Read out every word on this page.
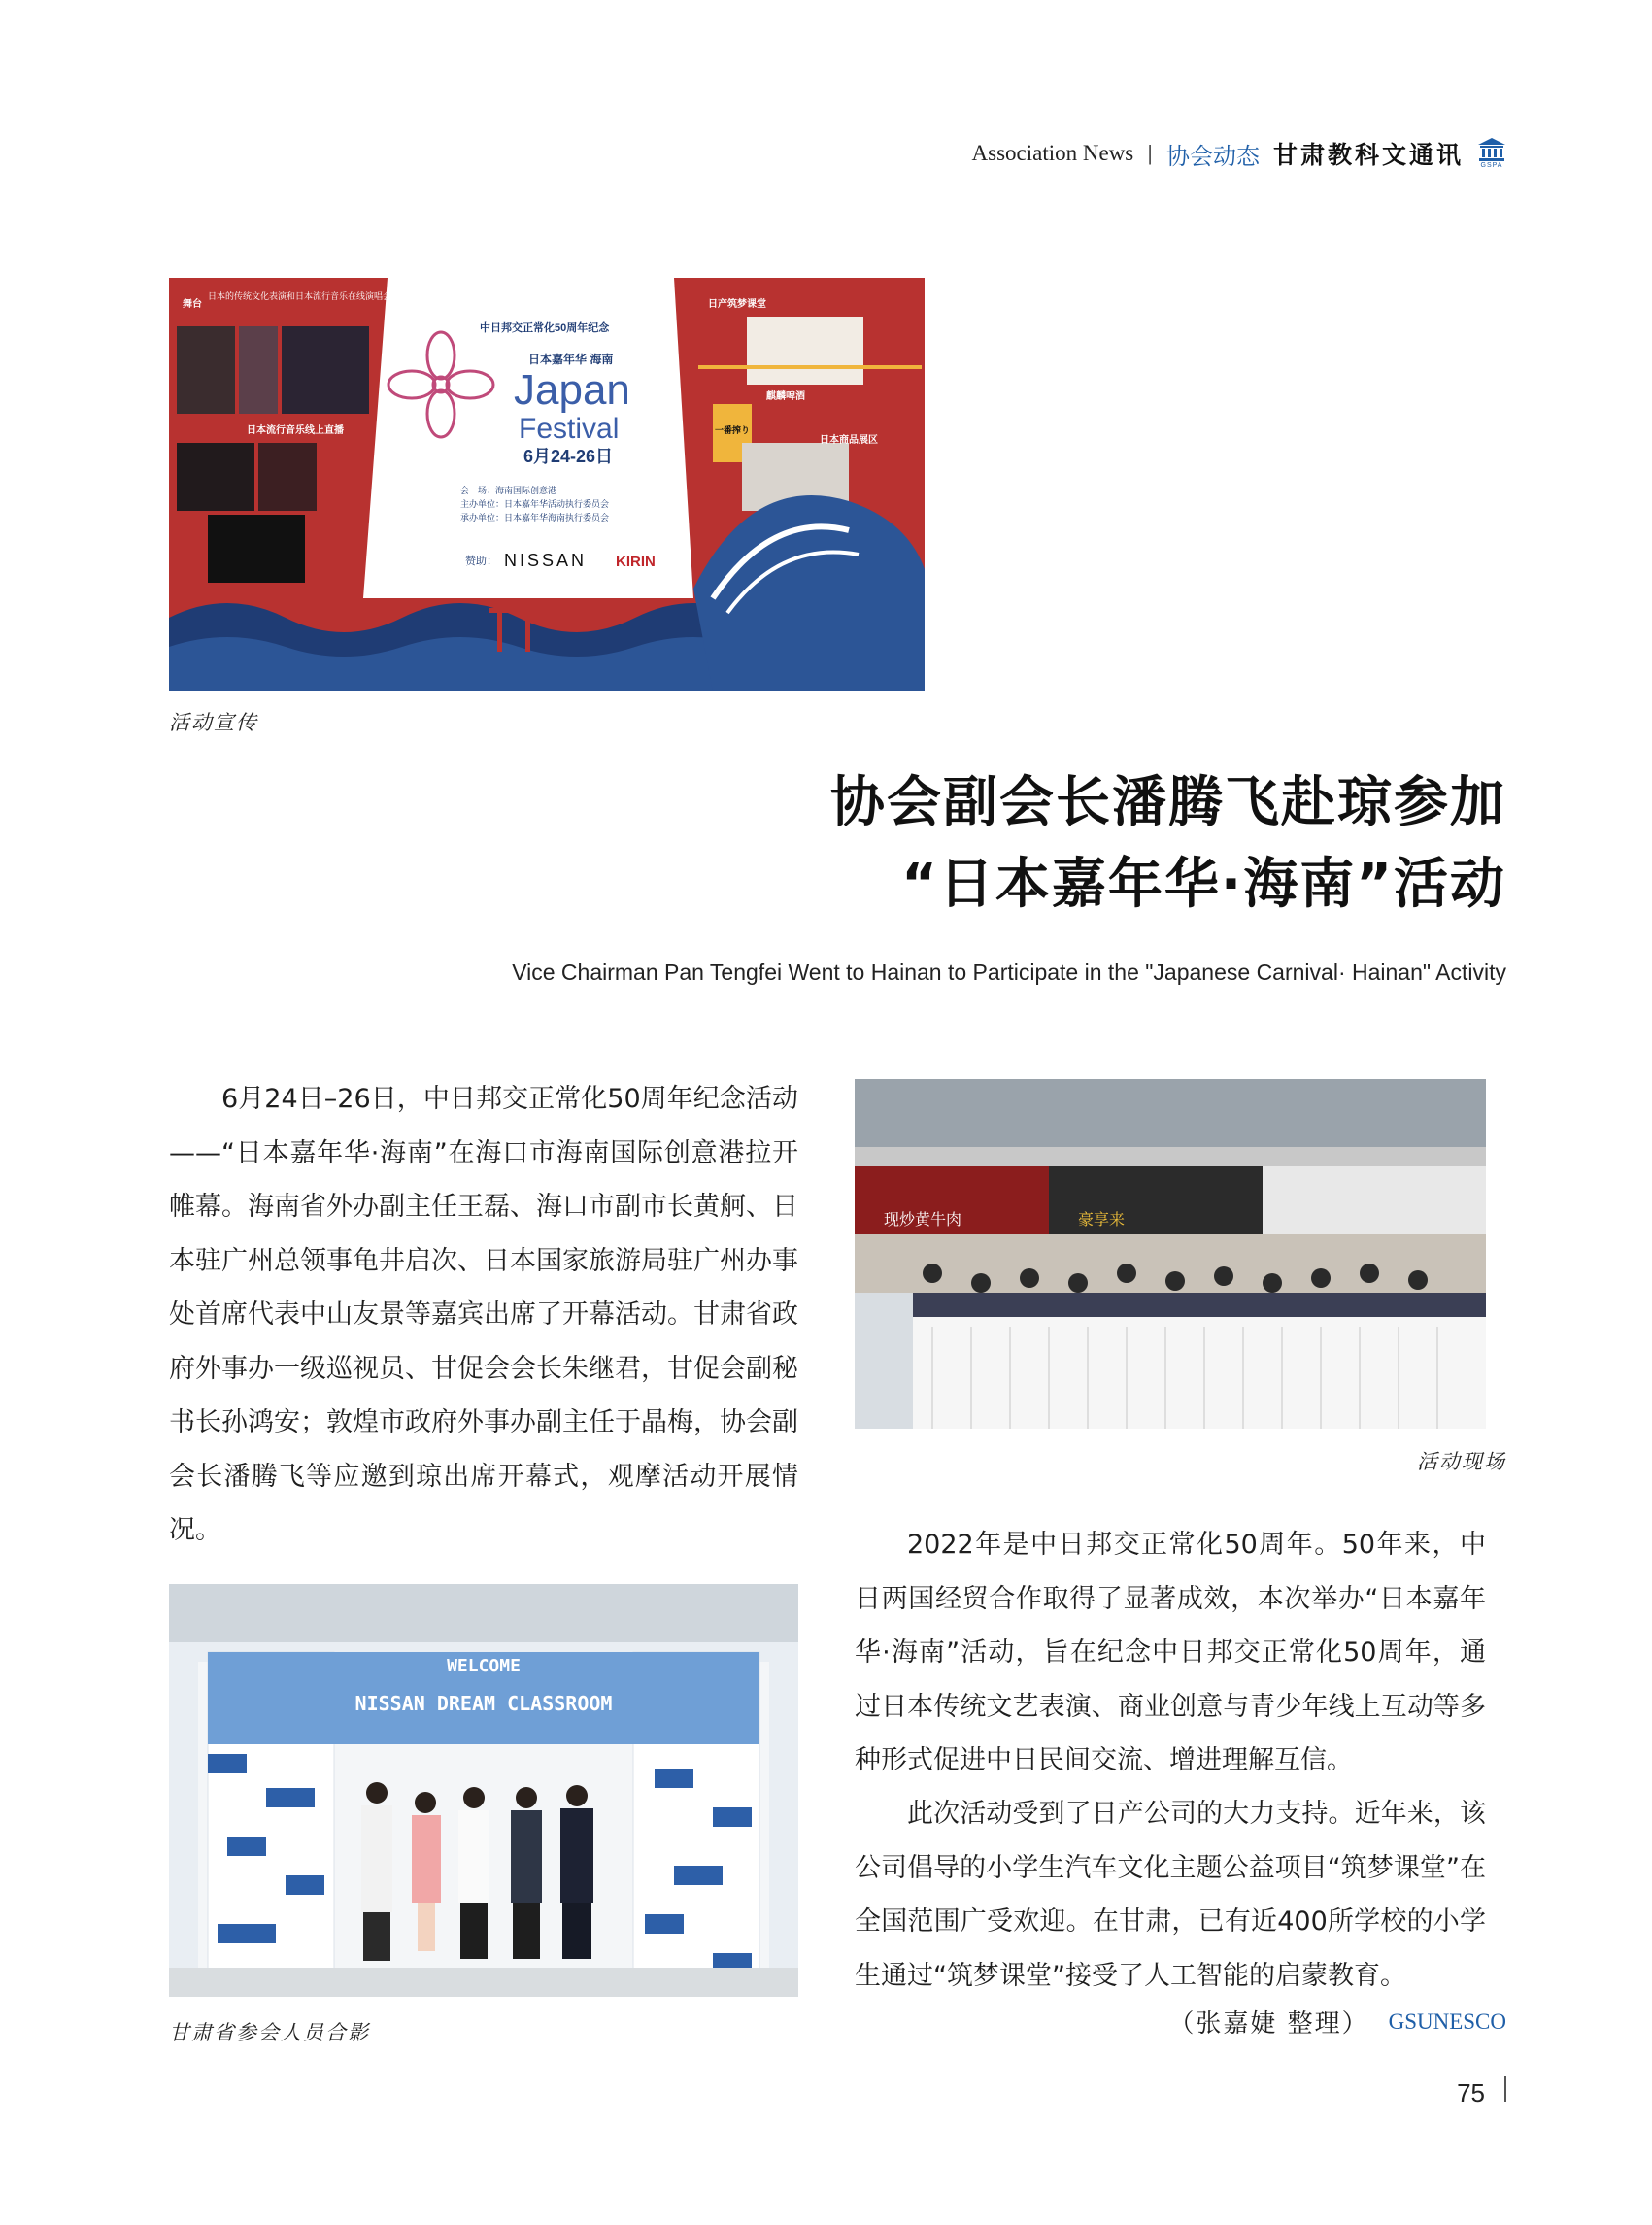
Association News | 协会动态 甘肃教科文通讯	GSPA
舞台
日本的传统文化表演和日本流行音乐在线演唱会等着您邀请
日本流行音乐线上直播
中日邦交正常化50周年纪念
日本嘉年华 海南
Japan
Festival
6月24-26日
会　场：海南国际创意港
主办单位：日本嘉年华活动执行委员会
承办单位：日本嘉年华海南执行委员会
赞助： NISSAN KIRIN
日产筑梦课堂
麒麟啤酒
日本商品展区
一番搾り
活动宣传
协会副会长潘腾飞赴琼参加
“日本嘉年华·海南”活动
Vice Chairman Pan Tengfei Went to Hainan to Participate in the "Japanese Carnival· Hainan" Activity

6月24日–26日，中日邦交正常化50周年纪念活动——“日本嘉年华·海南”在海口市海南国际创意港拉开帷幕。海南省外办副主任王磊、海口市副市长黄舸、日本驻广州总领事龟井启次、日本国家旅游局驻广州办事处首席代表中山友景等嘉宾出席了开幕活动。甘肃省政府外事办一级巡视员、甘促会会长朱继君，甘促会副秘书长孙鸿安；敦煌市政府外事办副主任于晶梅，协会副会长潘腾飞等应邀到琼出席开幕式，观摩活动开展情况。

现炒黄牛肉	豪享来
活动现场
WELCOME
NISSAN DREAM CLASSROOM
甘肃省参会人员合影

2022年是中日邦交正常化50周年。50年来，中日两国经贸合作取得了显著成效，本次举办“日本嘉年华·海南”活动，旨在纪念中日邦交正常化50周年，通过日本传统文艺表演、商业创意与青少年线上互动等多种形式促进中日民间交流、增进理解互信。

此次活动受到了日产公司的大力支持。近年来，该公司倡导的小学生汽车文化主题公益项目“筑梦课堂”在全国范围广受欢迎。在甘肃，已有近400所学校的小学生通过“筑梦课堂”接受了人工智能的启蒙教育。

（张嘉婕 整理） GSUNESCO
75
